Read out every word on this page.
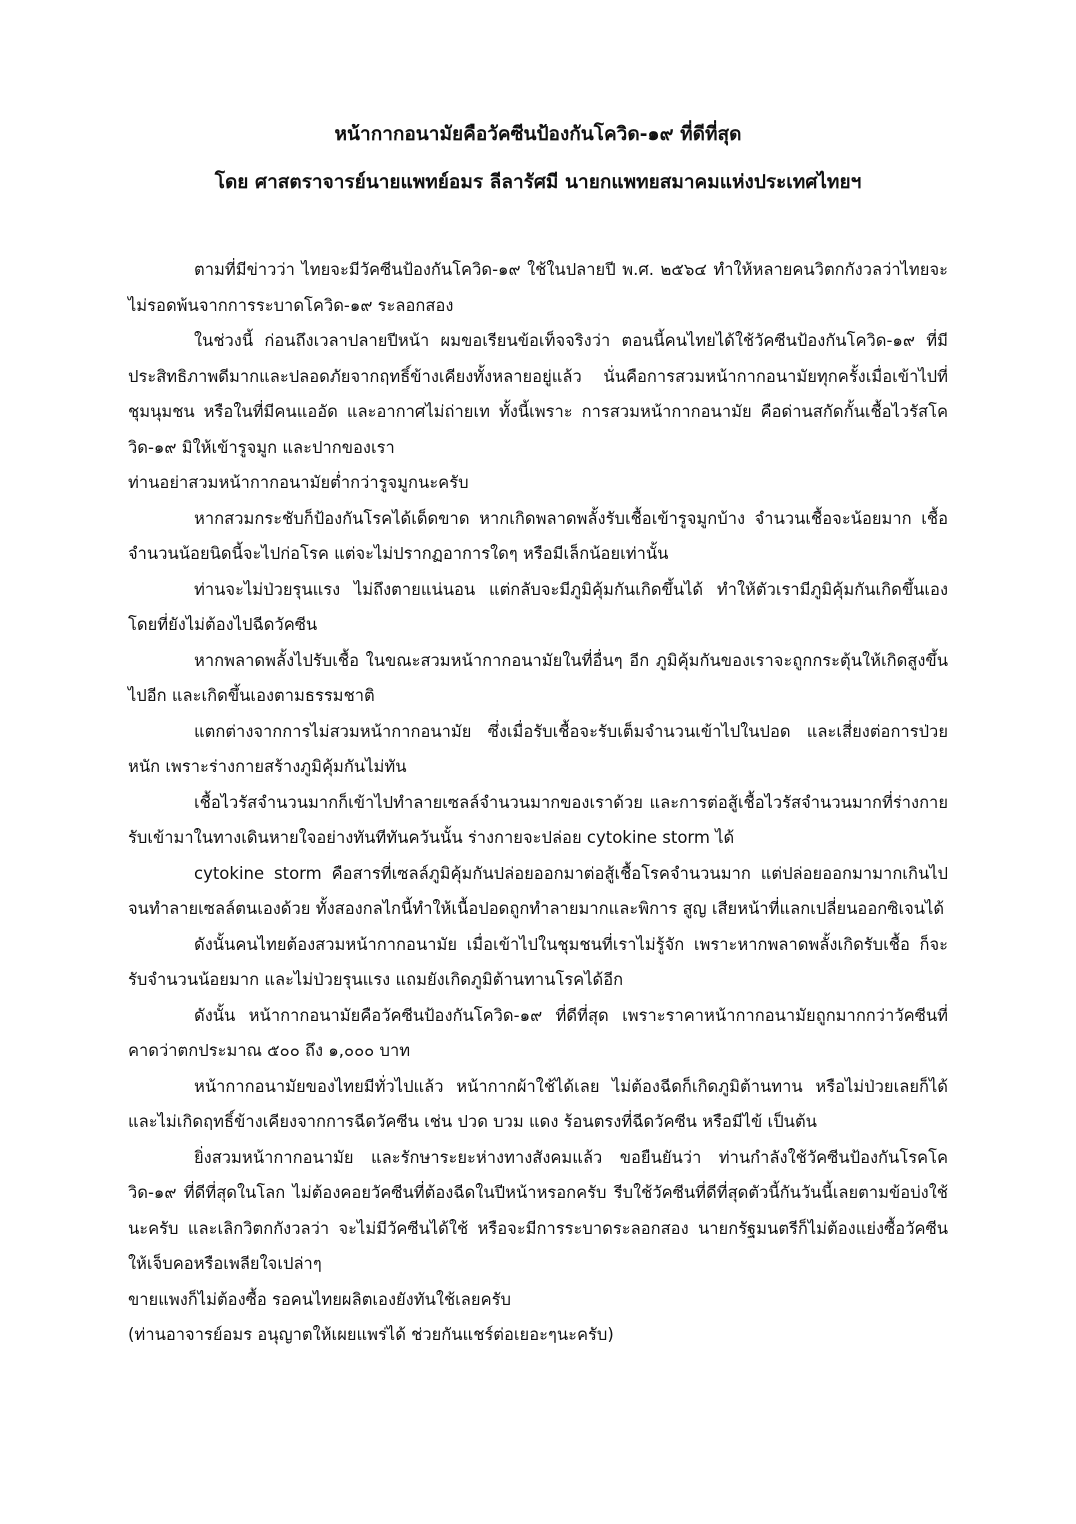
หน้ากากอนามัยคือวัคซีนป้องกันโควิด-๑๙ ที่ดีที่สุด
โดย ศาสตราจารย์นายแพทย์อมร ลีลารัศมี นายกแพทยสมาคมแห่งประเทศไทยฯ

ตามที่มีข่าวว่า ไทยจะมีวัคซีนป้องกันโควิด-๑๙ ใช้ในปลายปี พ.ศ. ๒๕๖๔ ทำให้หลายคนวิตกกังวลว่าไทยจะไม่รอดพ้นจากการระบาดโควิด-๑๙ ระลอกสอง

ในช่วงนี้ ก่อนถึงเวลาปลายปีหน้า ผมขอเรียนข้อเท็จจริงว่า ตอนนี้คนไทยได้ใช้วัคซีนป้องกันโควิด-๑๙ ที่มีประสิทธิภาพดีมากและปลอดภัยจากฤทธิ์ข้างเคียงทั้งหลายอยู่แล้ว นั่นคือการสวมหน้ากากอนามัยทุกครั้งเมื่อเข้าไปที่ชุมนุมชน หรือในที่มีคนแออัด และอากาศไม่ถ่ายเท ทั้งนี้เพราะ การสวมหน้ากากอนามัย คือด่านสกัดกั้นเชื้อไวรัสโควิด-๑๙ มิให้เข้ารูจมูก และปากของเรา

ท่านอย่าสวมหน้ากากอนามัยต่ำกว่ารูจมูกนะครับ

หากสวมกระชับก็ป้องกันโรคได้เด็ดขาด หากเกิดพลาดพลั้งรับเชื้อเข้ารูจมูกบ้าง จำนวนเชื้อจะน้อยมาก เชื้อจำนวนน้อยนิดนี้จะไปก่อโรค แต่จะไม่ปรากฏอาการใดๆ หรือมีเล็กน้อยเท่านั้น

ท่านจะไม่ป่วยรุนแรง ไม่ถึงตายแน่นอน แต่กลับจะมีภูมิคุ้มกันเกิดขึ้นได้ ทำให้ตัวเรามีภูมิคุ้มกันเกิดขึ้นเองโดยที่ยังไม่ต้องไปฉีดวัคซีน

หากพลาดพลั้งไปรับเชื้อ ในขณะสวมหน้ากากอนามัยในที่อื่นๆ อีก ภูมิคุ้มกันของเราจะถูกกระตุ้นให้เกิดสูงขึ้นไปอีก และเกิดขึ้นเองตามธรรมชาติ

แตกต่างจากการไม่สวมหน้ากากอนามัย ซึ่งเมื่อรับเชื้อจะรับเต็มจำนวนเข้าไปในปอด และเสี่ยงต่อการป่วยหนัก เพราะร่างกายสร้างภูมิคุ้มกันไม่ทัน

เชื้อไวรัสจำนวนมากก็เข้าไปทำลายเซลล์จำนวนมากของเราด้วย และการต่อสู้เชื้อไวรัสจำนวนมากที่ร่างกายรับเข้ามาในทางเดินหายใจอย่างทันทีทันควันนั้น ร่างกายจะปล่อย cytokine storm ได้

cytokine storm คือสารที่เซลล์ภูมิคุ้มกันปล่อยออกมาต่อสู้เชื้อโรคจำนวนมาก แต่ปล่อยออกมามากเกินไป จนทำลายเซลล์ตนเองด้วย ทั้งสองกลไกนี้ทำให้เนื้อปอดถูกทำลายมากและพิการ สูญ เสียหน้าที่แลกเปลี่ยนออกซิเจนได้

ดังนั้นคนไทยต้องสวมหน้ากากอนามัย เมื่อเข้าไปในชุมชนที่เราไม่รู้จัก เพราะหากพลาดพลั้งเกิดรับเชื้อ ก็จะรับจำนวนน้อยมาก และไม่ป่วยรุนแรง แถมยังเกิดภูมิต้านทานโรคได้อีก

ดังนั้น หน้ากากอนามัยคือวัคซีนป้องกันโควิด-๑๙ ที่ดีที่สุด เพราะราคาหน้ากากอนามัยถูกมากกว่าวัคซีนที่คาดว่าตกประมาณ ๕๐๐ ถึง ๑,๐๐๐ บาท

หน้ากากอนามัยของไทยมีทั่วไปแล้ว หน้ากากผ้าใช้ได้เลย ไม่ต้องฉีดก็เกิดภูมิต้านทาน หรือไม่ป่วยเลยก็ได้ และไม่เกิดฤทธิ์ข้างเคียงจากการฉีดวัคซีน เช่น ปวด บวม แดง ร้อนตรงที่ฉีดวัคซีน หรือมีไข้ เป็นต้น

ยิ่งสวมหน้ากากอนามัย และรักษาระยะห่างทางสังคมแล้ว ขอยืนยันว่า ท่านกำลังใช้วัคซีนป้องกันโรคโควิด-๑๙ ที่ดีที่สุดในโลก ไม่ต้องคอยวัคซีนที่ต้องฉีดในปีหน้าหรอกครับ รีบใช้วัคซีนที่ดีที่สุดตัวนี้กันวันนี้เลยตามข้อบ่งใช้นะครับ และเลิกวิตกกังวลว่า จะไม่มีวัคซีนได้ใช้ หรือจะมีการระบาดระลอกสอง นายกรัฐมนตรีก็ไม่ต้องแย่งซื้อวัคซีนให้เจ็บคอหรือเพลียใจเปล่าๆ

ขายแพงก็ไม่ต้องซื้อ รอคนไทยผลิตเองยังทันใช้เลยครับ

(ท่านอาจารย์อมร อนุญาตให้เผยแพร่ได้ ช่วยกันแชร์ต่อเยอะๆนะครับ)
